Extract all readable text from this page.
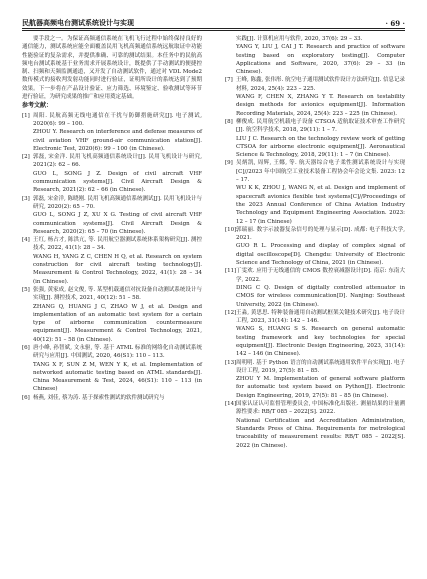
民航器高频电台测试系统设计与实现	· 69 ·

要手段之一。为保证高频通信系统在飞机飞行过程中始终保持良好的通信能力，测试系统应能全面覆盖民用飞机高频通信系统远航取证中功能性能验证的复杂需求，并提供准确、可靠的测试结果。本任务中的民航高频电台测试系统基于业务需求开展系统设计，既提供了手动测试的便捷控制、扫频和天频监测通道，又开发了自动测试软件，通过对 VDL Mode2 数传模式的接收判发射功能同时进行验证，证明所设计的系统达到了预期效果。下一步将在产品设计验证、应力筛选、环境鉴定、验收测试等环节进行验证，为研究成果的推广和应用奠定基础。

参考文献：
[1] 周阳. 民航高频无线电通信在干扰与防御措施研究[J]. 电子测试, 2020(6): 99 – 100.
ZHOU Y. Research on interference and defense measures of civil aviation VHF ground-air communication station[J]. Electronic Test, 2020(6): 99 – 100 (in Chinese).
[2] 郭磊, 宋金洋. 民用飞机高频通信系统设计[J]. 民用飞机设计与研究, 2021(2): 62 – 66.
GUO L, SONG J Z. Design of civil aircraft VHF communication systems[J]. Civil Aircraft Design & Research, 2021(2): 62 – 66 (in Chinese).
[3] 郭磊, 宋金洋, 陈晓刚. 民用飞机高频通信系统测试[J]. 民用飞机设计与研究, 2020(2): 65 – 70.
GUO L, SONG J Z, XU X G. Testing of civil aircraft VHF communication systems[J]. Civil Aircraft Design & Research, 2020(2): 65 – 70 (in Chinese).
[4] 王红, 杨占才, 陈洪亢, 等. 民用航空器测试系统体系架构研究[J]. 测控技术, 2022, 41(1): 28 – 34.
WANG H, YANG Z C, CHEN H Q, et al. Research on system construction for civil aircraft testing technology[J]. Measurement & Control Technology, 2022, 41(1): 28 – 34 (in Chinese).
[5] 张强, 黄家成, 赵文俊, 等. 某型机载通信对抗设备自动测试系统设计与实现[J]. 测控技术, 2021, 40(12): 51 – 58.
ZHANG Q, HUANG J C, ZHAO W J, et al. Design and implementation of an automatic test system for a certain type of airborne communication countermeasure equipment[J]. Measurement & Control Technology, 2021, 40(12): 51 – 58 (in Chinese).
[6] 唐小峰, 孙智斌, 文永驱, 等. 基于 ATML 标准的网络化自动测试系统研究与应用[J]. 中国测试, 2020, 46(S1): 110 – 113.
TANG X F, SUN Z M, WEN Y K, et al. Implementation of networked automatic testing based on ATML standards[J]. China Measurement & Test, 2024, 46(S1): 110 – 113 (in Chinese)
[6] 杨燕, 刘佳, 蔡为涛. 基于探索性测试的软件测试研究与
实践[J]. 计算机应用与软件, 2020, 37(6): 29 – 33.
YANG Y, LIU J, CAI J T. Research and practice of software testing based on exploratory testing[J]. Computer Applications and Software, 2020, 37(6): 29 – 33 (in Chinese).
[7] 王峰, 陈鑫, 张伟彤. 航空电子通用测试软件设计方法研究[J]. 信息记录材料, 2024, 25(4): 223 – 225.
WANG F, CHEN X, ZHANG Y T. Research on testability design methods for avionics equipment[J]. Information Recording Materials, 2024, 25(4): 223 – 225 (in Chinese).
[8] 柳俊成. 民用航空机载电子设备 CTSOA 适航取证技术审查工作研究[J]. 航空科学技术, 2018, 29(11): 1 – 7.
LIU J C. Research on the technology review work of getting CTSOA for airborne electronic equipment[J]. Aeronautical Science & Technology, 2018, 29(11): 1 – 7 (in Chinese).
[9] 吴炳凯, 周辉, 王娜, 等. 航天器综合电子柔性测试系统设计与实现[C]//2023 年中国航空工业技术装备工程协会年会论文集. 2023: 12 – 17.
WU K K, ZHOU J, WANG N, et al. Design and implement of spacecraft avionics flexible test systems[C]//Proceedings of the 2023 Annual Conference of China Aviation Industry Technology and Equipment Engineering Association. 2023: 12 – 17 (in Chinese)
[10] 郭瑞丽. 数字示波器复杂信号的处理与显示[D]. 成都: 电子科技大学, 2021.
GUO R L. Processing and display of complex signal of digital oscilloscope[D]. Chengdu: University of Electronic Science and Technology of China, 2021 (in Chinese).
[11] 丁雯欢. 应用于无线通信的 CMOS 数控衰减器设计[D]. 南京: 东南大学, 2022.
DING C Q. Design of digitally controlled attenuator in CMOS for wireless communication[D]. Nanjing: Southeast University, 2022 (in Chinese).
[12] 王淼, 黄思思. 特种装备通用自动测试框架关键技术研究[J]. 电子设计工程, 2023, 31(14): 142 – 146.
WANG S, HUANG S S. Research on general automatic testing framework and key technologies for special equipment[J]. Electronic Design Engineering, 2023, 31(14): 142 – 146 (in Chinese).
[13] 周明明. 基于 Python 语言的自动测试系统通用软件平台实现[J]. 电子设计工程, 2019, 27(5): 81 – 85.
ZHOU Y M. Implementation of general software platform for automatic test system based on Python[J]. Electronic Design Engineering, 2019, 27(5): 81 – 85 (in Chinese).
[14] 国家认证认可监督管理委员会, 中国标准化出版社. 测量结果的计量溯源性要求: RB/T 085 – 2022[S]. 2022.
National Certification and Accreditation Administration, Standards Press of China. Requirements for metrological traceability of measurement results: RB/T 085 – 2022[S]. 2022 (in Chinese).
